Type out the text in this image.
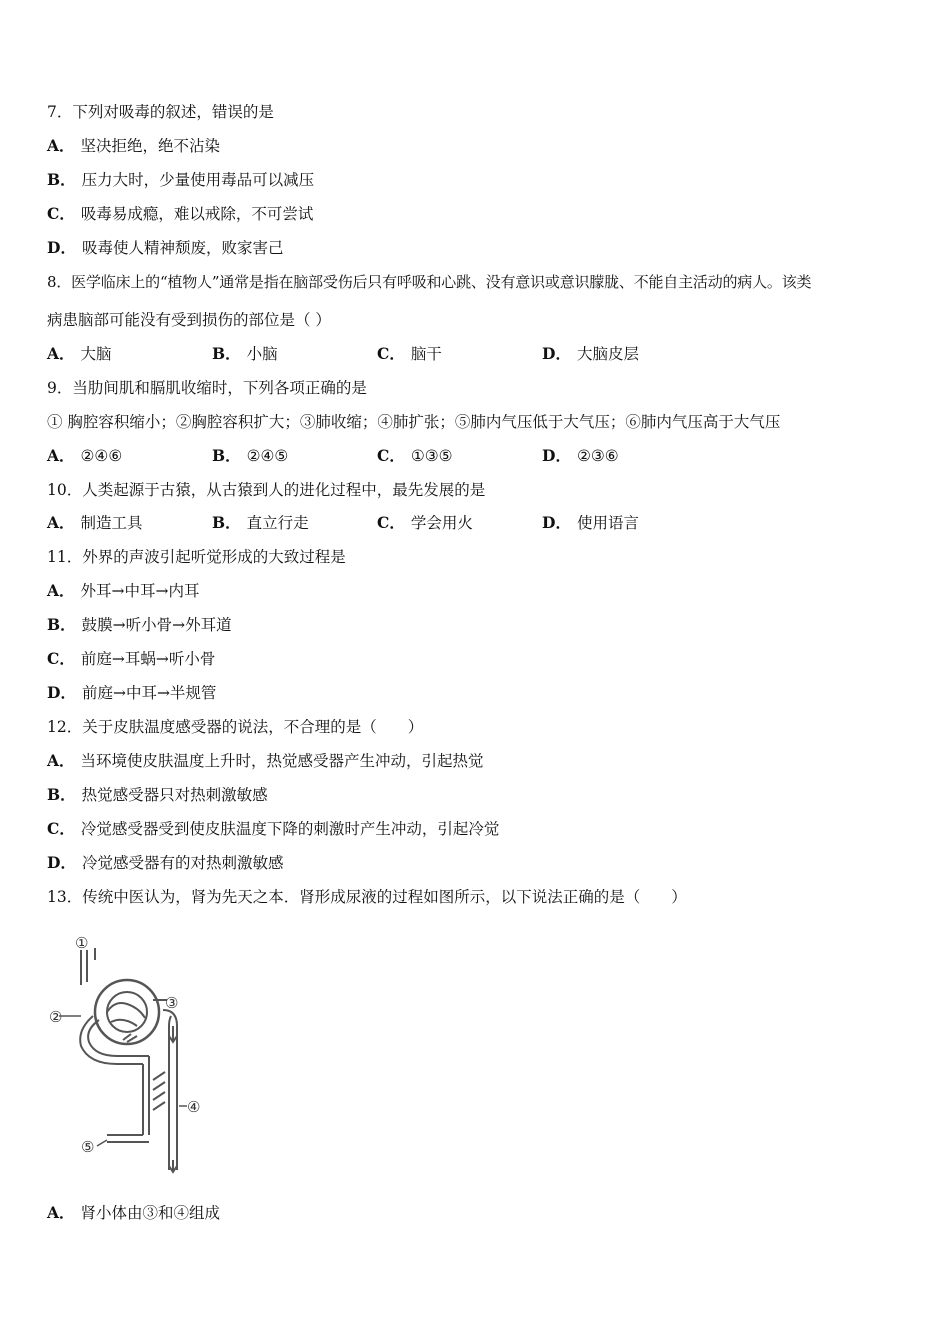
7．下列对吸毒的叙述，错误的是
A． 坚决拒绝，绝不沾染
B． 压力大时，少量使用毒品可以减压
C． 吸毒易成瘾，难以戒除，不可尝试
D． 吸毒使人精神颓废，败家害己
8．医学临床上的“植物人”通常是指在脑部受伤后只有呼吸和心跳、没有意识或意识朦胧、不能自主活动的病人。该类
病患脑部可能没有受到损伤的部位是（ ）
A． 大脑	B． 小脑	C． 脑干	D． 大脑皮层
9．当肋间肌和膈肌收缩时，下列各项正确的是
① 胸腔容积缩小；②胸腔容积扩大；③肺收缩；④肺扩张；⑤肺内气压低于大气压；⑥肺内气压高于大气压
A． ②④⑥	B． ②④⑤	C． ①③⑤	D． ②③⑥
10．人类起源于古猿，从古猿到人的进化过程中，最先发展的是
A． 制造工具	B． 直立行走	C． 学会用火	D． 使用语言
11．外界的声波引起听觉形成的大致过程是
A． 外耳→中耳→内耳
B． 鼓膜→听小骨→外耳道
C． 前庭→耳蜗→听小骨
D． 前庭→中耳→半规管
12．关于皮肤温度感受器的说法，不合理的是（　　）
A． 当环境使皮肤温度上升时，热觉感受器产生冲动，引起热觉
B． 热觉感受器只对热刺激敏感
C． 冷觉感受器受到使皮肤温度下降的刺激时产生冲动，引起冷觉
D． 冷觉感受器有的对热刺激敏感
13．传统中医认为，肾为先天之本．肾形成尿液的过程如图所示，以下说法正确的是（　　）
①
②
③
④
⑤
A． 肾小体由③和④组成
